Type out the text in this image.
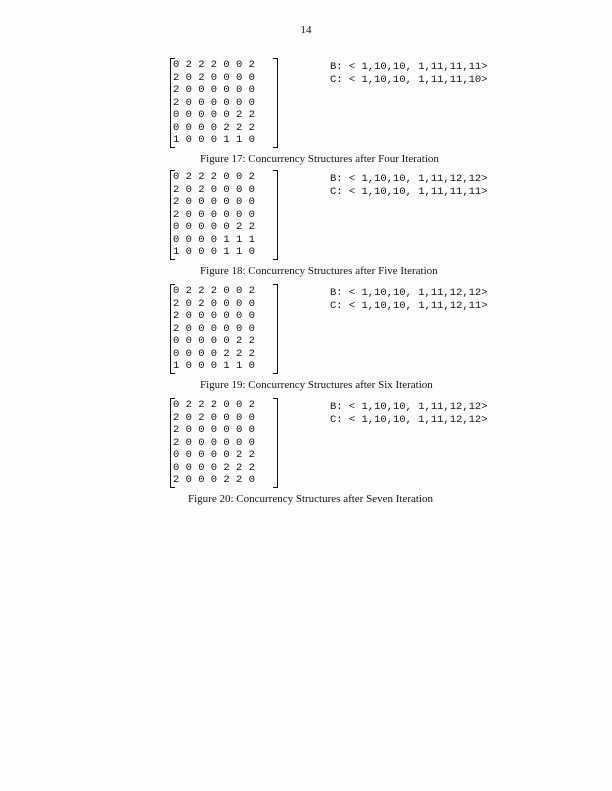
14
0 2 2 2 0 0 2
2 0 2 0 0 0 0
2 0 0 0 0 0 0
2 0 0 0 0 0 0
0 0 0 0 0 2 2
0 0 0 0 2 2 2
1 0 0 0 1 1 0
B: < 1,10,10, 1,11,11,11>
C: < 1,10,10, 1,11,11,10>
Figure 17: Concurrency Structures after Four Iteration
0 2 2 2 0 0 2
2 0 2 0 0 0 0
2 0 0 0 0 0 0
2 0 0 0 0 0 0
0 0 0 0 0 2 2
0 0 0 0 1 1 1
1 0 0 0 1 1 0
B: < 1,10,10, 1,11,12,12>
C: < 1,10,10, 1,11,11,11>
Figure 18: Concurrency Structures after Five Iteration
0 2 2 2 0 0 2
2 0 2 0 0 0 0
2 0 0 0 0 0 0
2 0 0 0 0 0 0
0 0 0 0 0 2 2
0 0 0 0 2 2 2
1 0 0 0 1 1 0
B: < 1,10,10, 1,11,12,12>
C: < 1,10,10, 1,11,12,11>
Figure 19: Concurrency Structures after Six Iteration
0 2 2 2 0 0 2
2 0 2 0 0 0 0
2 0 0 0 0 0 0
2 0 0 0 0 0 0
0 0 0 0 0 2 2
0 0 0 0 2 2 2
2 0 0 0 2 2 0
B: < 1,10,10, 1,11,12,12>
C: < 1,10,10, 1,11,12,12>
Figure 20: Concurrency Structures after Seven Iteration
